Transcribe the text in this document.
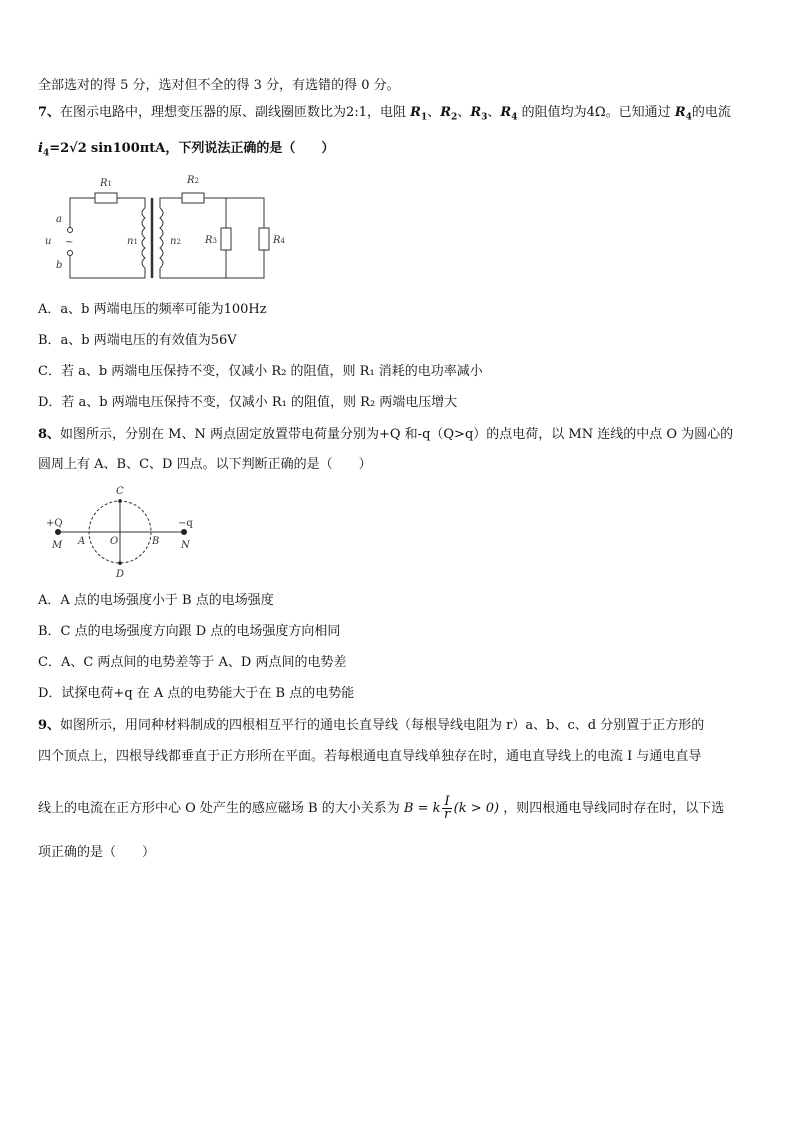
全部选对的得 5 分，选对但不全的得 3 分，有选错的得 0 分。
7、在图示电路中，理想变压器的原、副线圈匝数比为2:1，电阻 $R_1$、$R_2$、$R_3$、$R_4$ 的阻值均为4Ω。已知通过 $R_4$的电流
$i_4=2√2$ sin100πtA，下列说法正确的是（　　）
R1	R2
R3	R4
a
b
u ~	n1	n2
A．a、b 两端电压的频率可能为100Hz
B．a、b 两端电压的有效值为56V
C．若 a、b 两端电压保持不变，仅减小 R₂ 的阻值，则 R₁ 消耗的电功率减小
D．若 a、b 两端电压保持不变，仅减小 R₁ 的阻值，则 R₂ 两端电压增大
8、如图所示，分别在 M、N 两点固定放置带电荷量分别为+Q 和-q（Q>q）的点电荷，以 MN 连线的中点 O 为圆心的
圆周上有 A、B、C、D 四点。以下判断正确的是（　　）
C
D
A	B
O
M	N
+Q	−q
A．A 点的电场强度小于 B 点的电场强度
B．C 点的电场强度方向跟 D 点的电场强度方向相同
C．A、C 两点间的电势差等于 A、D 两点间的电势差
D．试探电荷+q 在 A 点的电势能大于在 B 点的电势能
9、如图所示，用同种材料制成的四根相互平行的通电长直导线（每根导线电阻为 r）a、b、c、d 分别置于正方形的
四个顶点上，四根导线都垂直于正方形所在平面。若每根通电直导线单独存在时，通电直导线上的电流 I 与通电直导
线上的电流在正方形中心 O 处产生的感应磁场 B 的大小关系为 B = k $\frac{I}{r} (k > 0)$ ，则四根通电导线同时存在时，以下选
项正确的是（　　）
